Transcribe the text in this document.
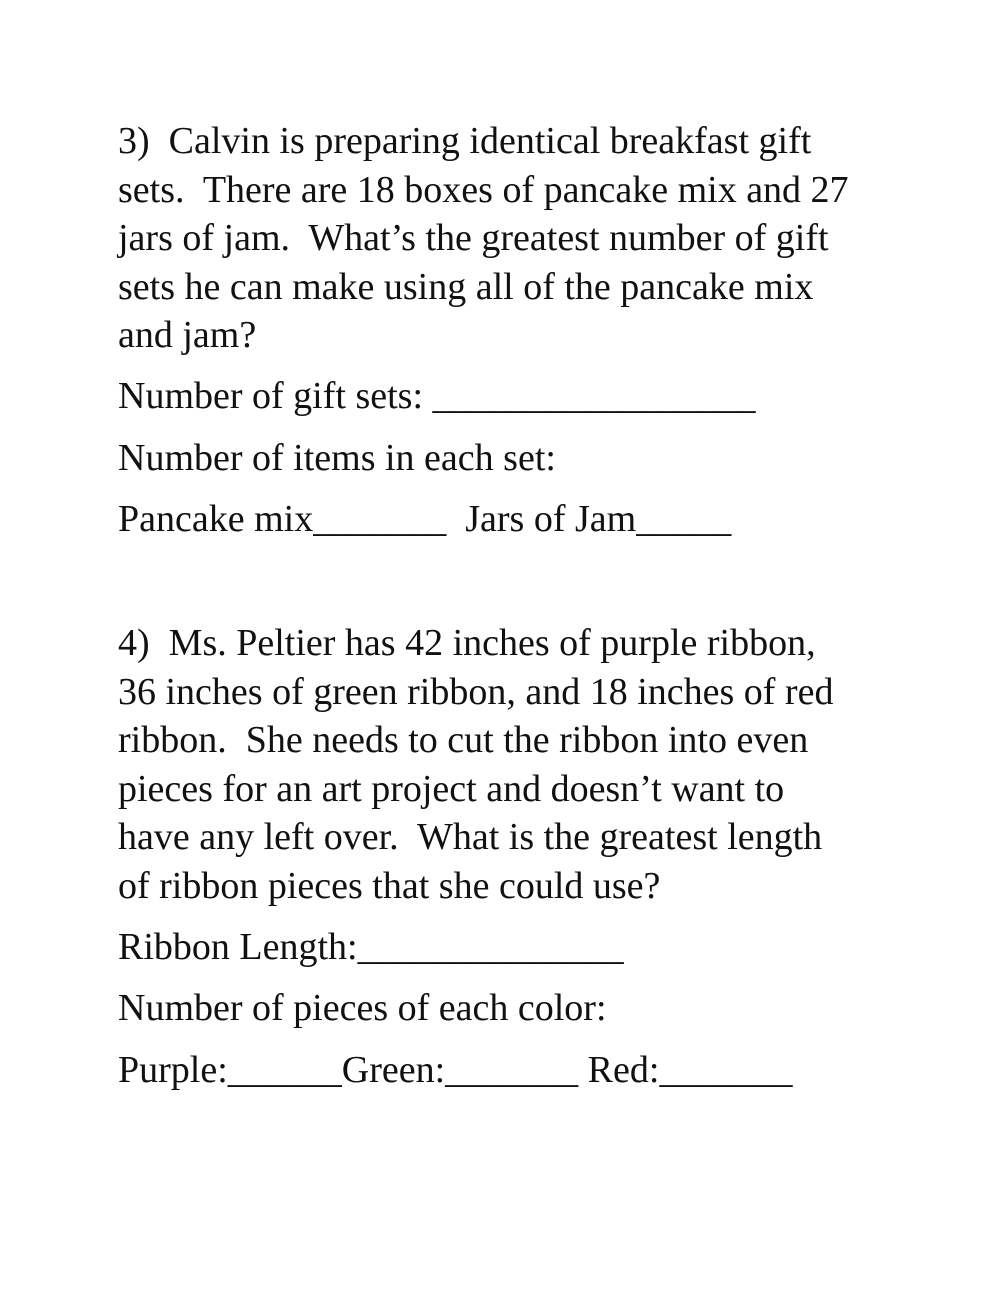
3)  Calvin is preparing identical breakfast gift
sets.  There are 18 boxes of pancake mix and 27
jars of jam.  What’s the greatest number of gift
sets he can make using all of the pancake mix
and jam?
Number of gift sets: _________________
Number of items in each set:
Pancake mix_______  Jars of Jam_____
4)  Ms. Peltier has 42 inches of purple ribbon,
36 inches of green ribbon, and 18 inches of red
ribbon.  She needs to cut the ribbon into even
pieces for an art project and doesn’t want to
have any left over.  What is the greatest length
of ribbon pieces that she could use?
Ribbon Length:______________
Number of pieces of each color:
Purple:______Green:_______ Red:_______
